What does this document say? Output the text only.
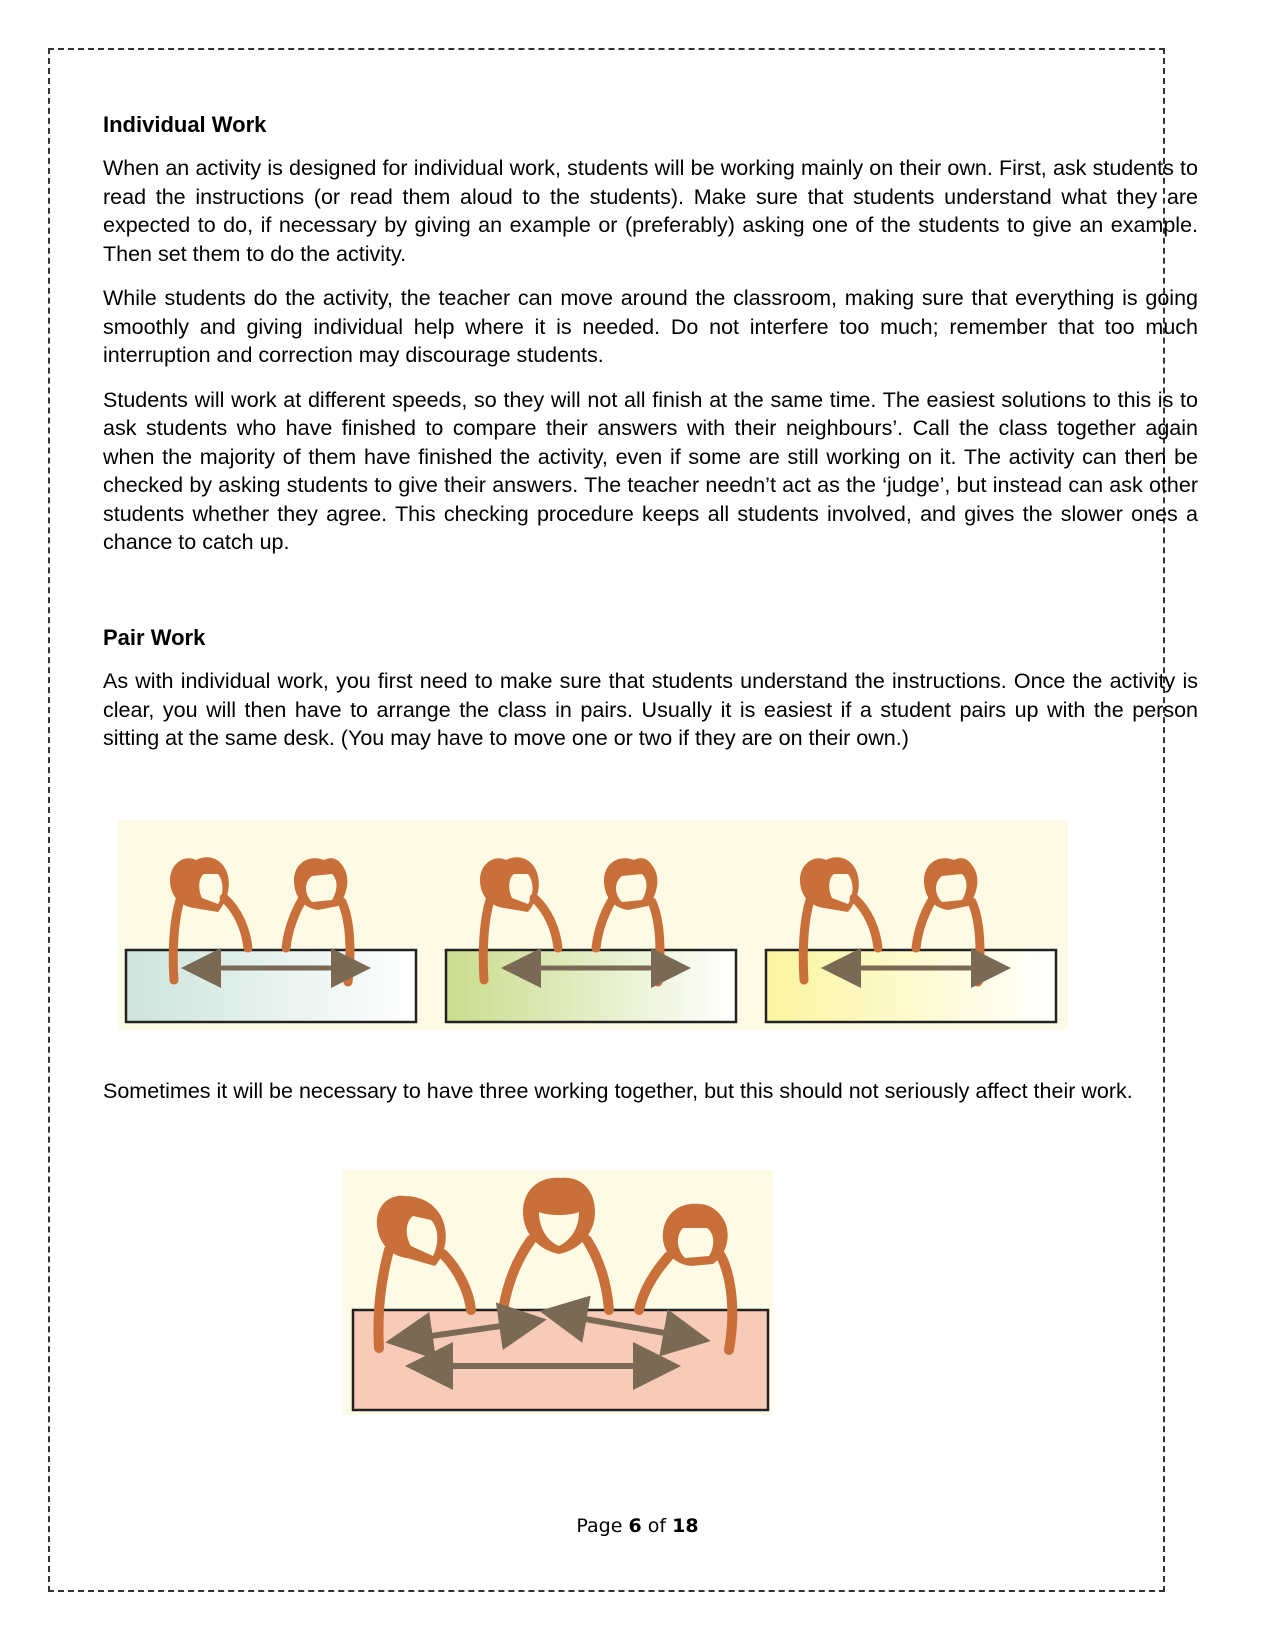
Individual Work

When an activity is designed for individual work, students will be working mainly on their own. First, ask students to read the instructions (or read them aloud to the students). Make sure that students understand what they are expected to do, if necessary by giving an example or (preferably) asking one of the students to give an example. Then set them to do the activity.

While students do the activity, the teacher can move around the classroom, making sure that everything is going smoothly and giving individual help where it is needed. Do not interfere too much; remember that too much interruption and correction may discourage students.

Students will work at different speeds, so they will not all finish at the same time. The easiest solutions to this is to ask students who have finished to compare their answers with their neighbours’. Call the class together again when the majority of them have finished the activity, even if some are still working on it. The activity can then be checked by asking students to give their answers. The teacher needn’t act as the ‘judge’, but instead can ask other students whether they agree. This checking procedure keeps all students involved, and gives the slower ones a chance to catch up.

Pair Work

As with individual work, you first need to make sure that students understand the instructions. Once the activity is clear, you will then have to arrange the class in pairs. Usually it is easiest if a student pairs up with the person sitting at the same desk. (You may have to move one or two if they are on their own.)

Sometimes it will be necessary to have three working together, but this should not seriously affect their work.
Page 6 of 18
